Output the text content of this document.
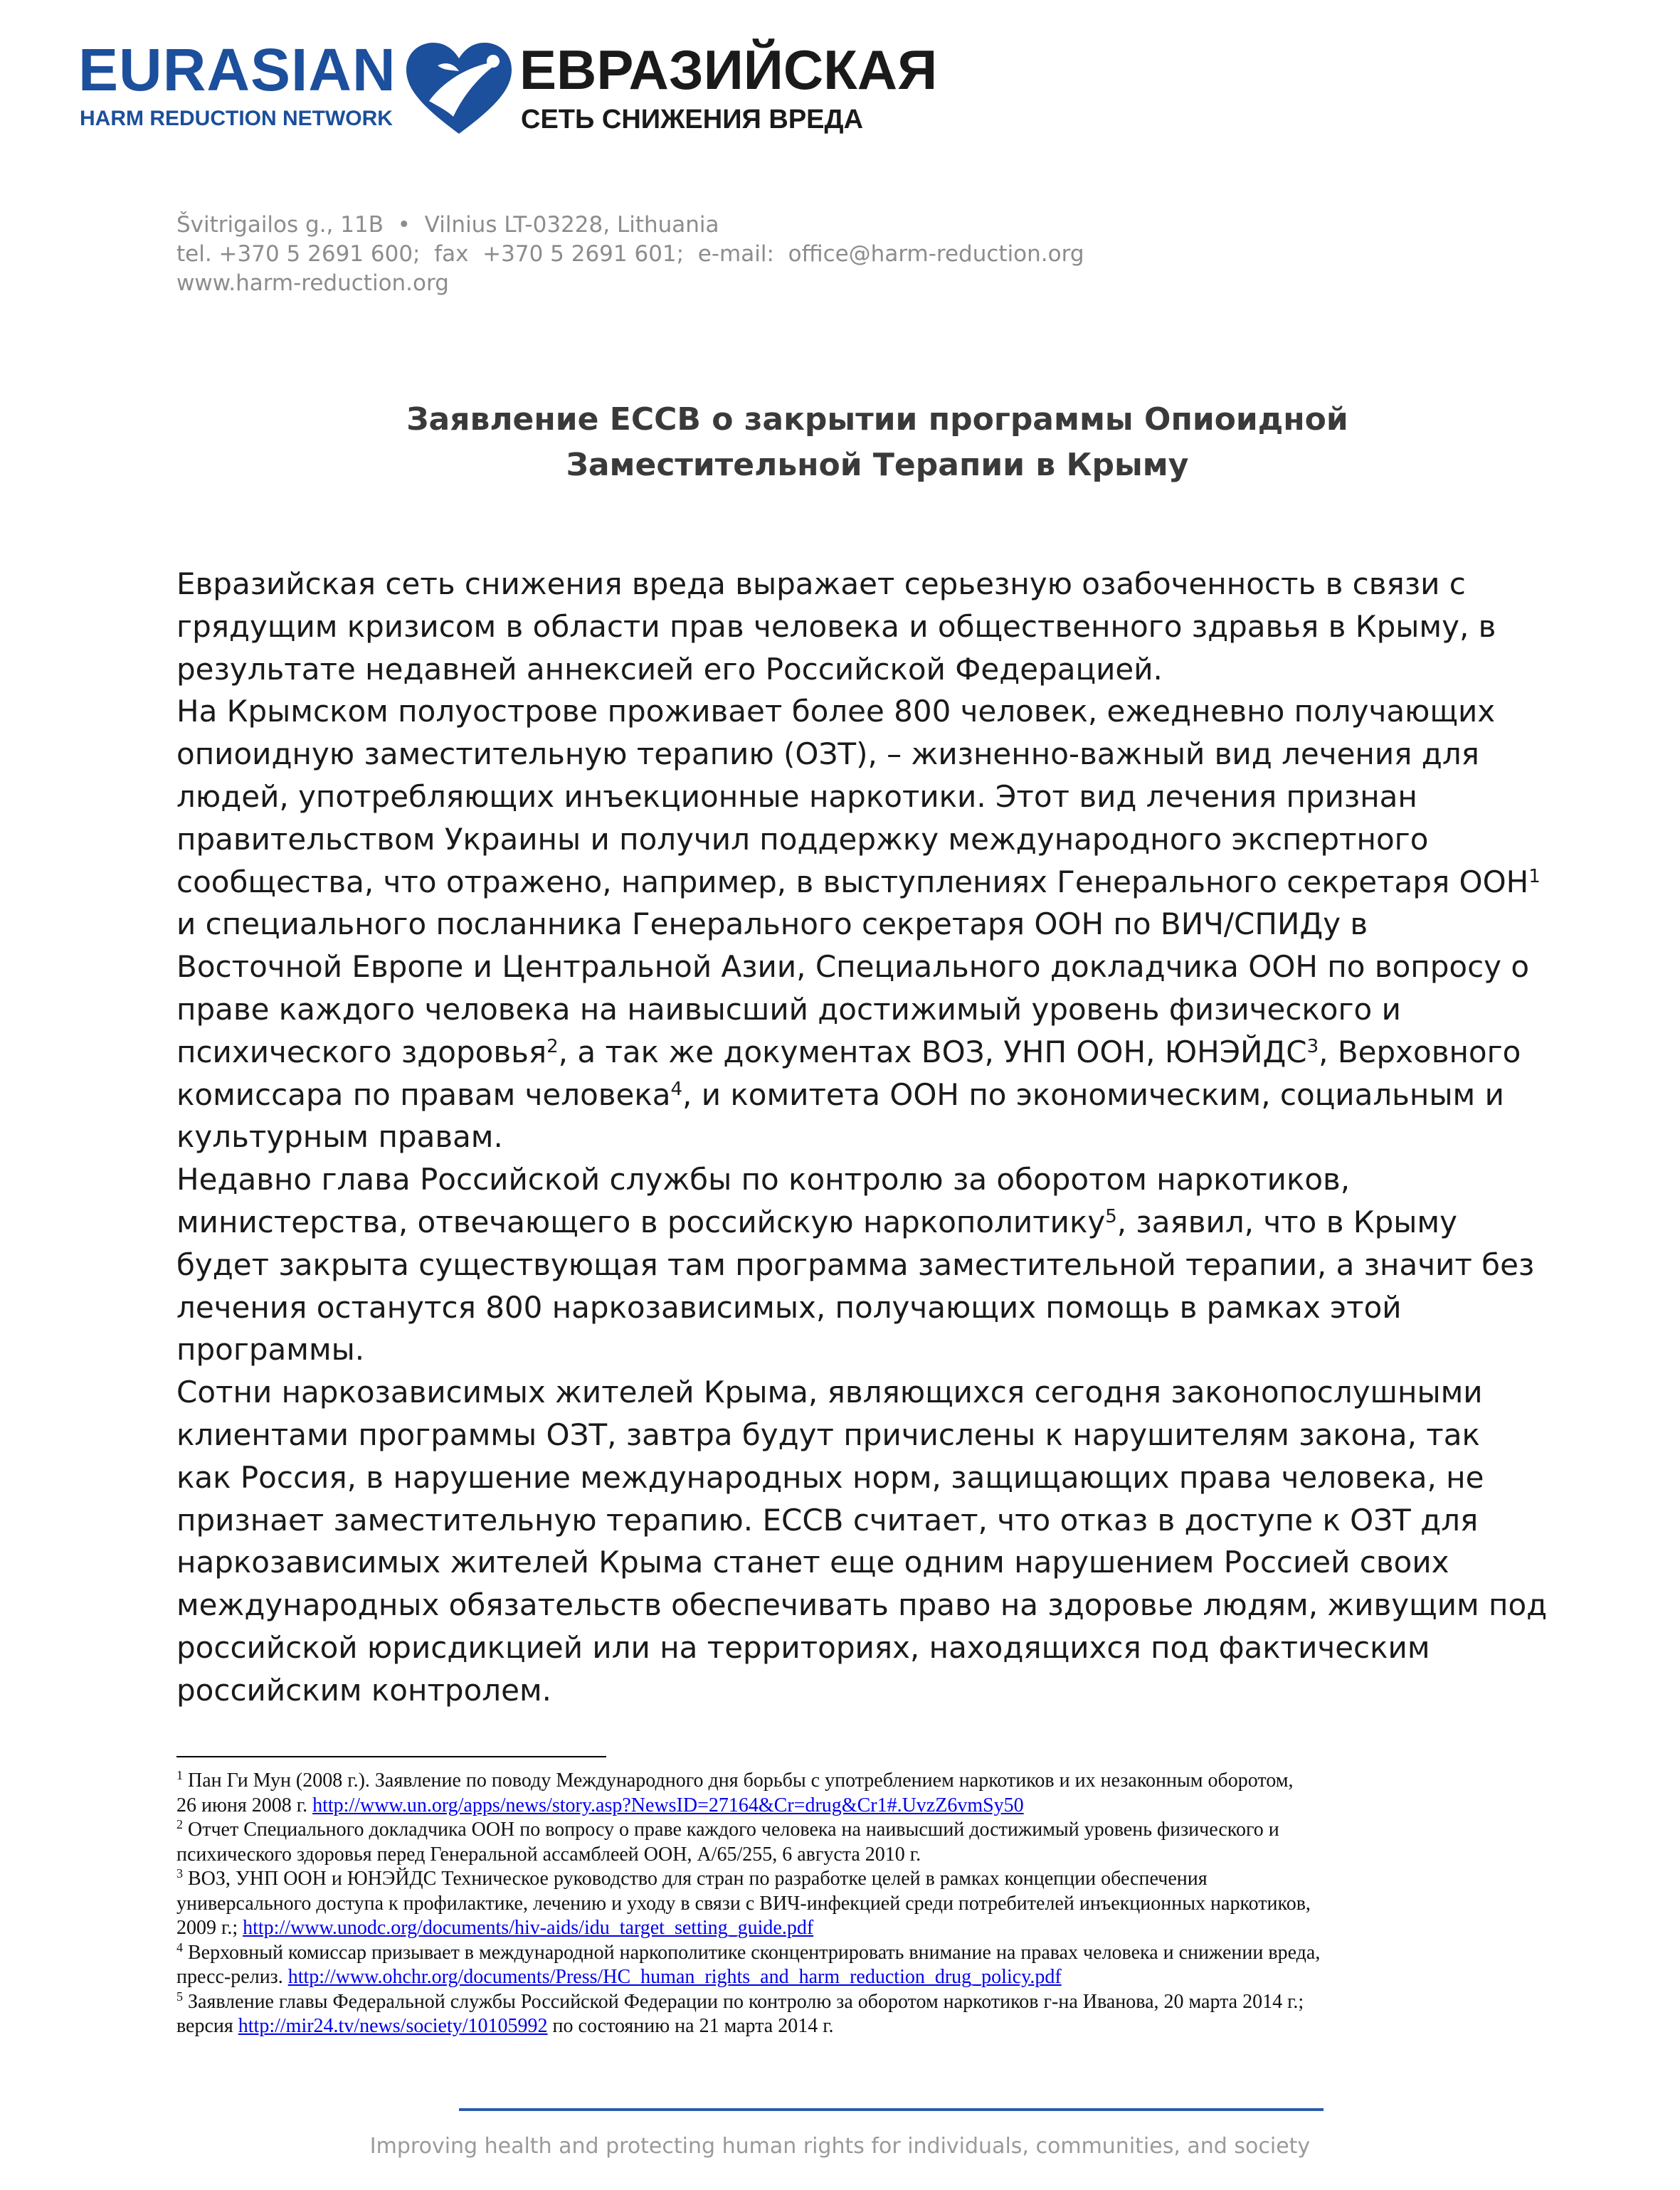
EURASIAN
HARM REDUCTION NETWORK
ЕВРАЗИЙСКАЯ
СЕТЬ СНИЖЕНИЯ ВРЕДА
Švitrigailos g., 11B  •  Vilnius LT-03228, Lithuania
tel. +370 5 2691 600;  fax  +370 5 2691 601;  e-mail:  office@harm-reduction.org
www.harm-reduction.org
Заявление ЕССВ о закрытии программы Опиоидной
Заместительной Терапии в Крыму
Евразийская сеть снижения вреда выражает серьезную озабоченность в связи с
грядущим кризисом в области прав человека и общественного здравья в Крыму, в
результате недавней аннексией его Российской Федерацией.
На Крымском полуострове проживает более 800 человек, ежедневно получающих
опиоидную заместительную терапию (ОЗТ), – жизненно-важный вид лечения для
людей, употребляющих инъекционные наркотики. Этот вид лечения признан
правительством Украины и получил поддержку международного экспертного
сообщества, что отражено, например, в выступлениях Генерального секретаря ООН$^1$
и специального посланника Генерального секретаря ООН по ВИЧ/СПИДу в
Восточной Европе и Центральной Азии, Специального докладчика ООН по вопросу о
праве каждого человека на наивысший достижимый уровень физического и
психического здоровья$^2$, а так же документах ВОЗ, УНП ООН, ЮНЭЙДС$^3$, Верховного
комиссара по правам человека$^4$, и комитета ООН по экономическим, социальным и
культурным правам.
Недавно глава Российской службы по контролю за оборотом наркотиков,
министерства, отвечающего в российскую наркополитику$^5$, заявил, что в Крыму
будет закрыта существующая там программа заместительной терапии, а значит без
лечения останутся 800 наркозависимых, получающих помощь в рамках этой
программы.
Сотни наркозависимых жителей Крыма, являющихся сегодня законопослушными
клиентами программы ОЗТ, завтра будут причислены к нарушителям закона, так
как Россия, в нарушение международных норм, защищающих права человека, не
признает заместительную терапию. ЕССВ считает, что отказ в доступе к ОЗТ для
наркозависимых жителей Крыма станет еще одним нарушением Россией своих
международных обязательств обеспечивать право на здоровье людям, живущим под
российской юрисдикцией или на территориях, находящихся под фактическим
российским контролем.
$^1$ Пан Ги Мун (2008 г.). Заявление по поводу Международного дня борьбы с употреблением наркотиков и их незаконным оборотом,
26 июня 2008 г. http://www.un.org/apps/news/story.asp?NewsID=27164&Cr=drug&Cr1#.UvzZ6vmSy50
$^2$ Отчет Специального докладчика ООН по вопросу о праве каждого человека на наивысший достижимый уровень физического и
психического здоровья перед Генеральной ассамблеей ООН, A/65/255, 6 августа 2010 г.
$^3$ ВОЗ, УНП ООН и ЮНЭЙДС Техническое руководство для стран по разработке целей в рамках концепции обеспечения
универсального доступа к профилактике, лечению и уходу в связи с ВИЧ-инфекцией среди потребителей инъекционных наркотиков,
2009 г.; http://www.unodc.org/documents/hiv-aids/idu_target_setting_guide.pdf
$^4$ Верховный комиссар призывает в международной наркополитике сконцентрировать внимание на правах человека и снижении вреда,
пресс-релиз. http://www.ohchr.org/documents/Press/HC_human_rights_and_harm_reduction_drug_policy.pdf
$^5$ Заявление главы Федеральной службы Российской Федерации по контролю за оборотом наркотиков г-на Иванова, 20 марта 2014 г.;
версия http://mir24.tv/news/society/10105992 по состоянию на 21 марта 2014 г.
Improving health and protecting human rights for individuals, communities, and society
